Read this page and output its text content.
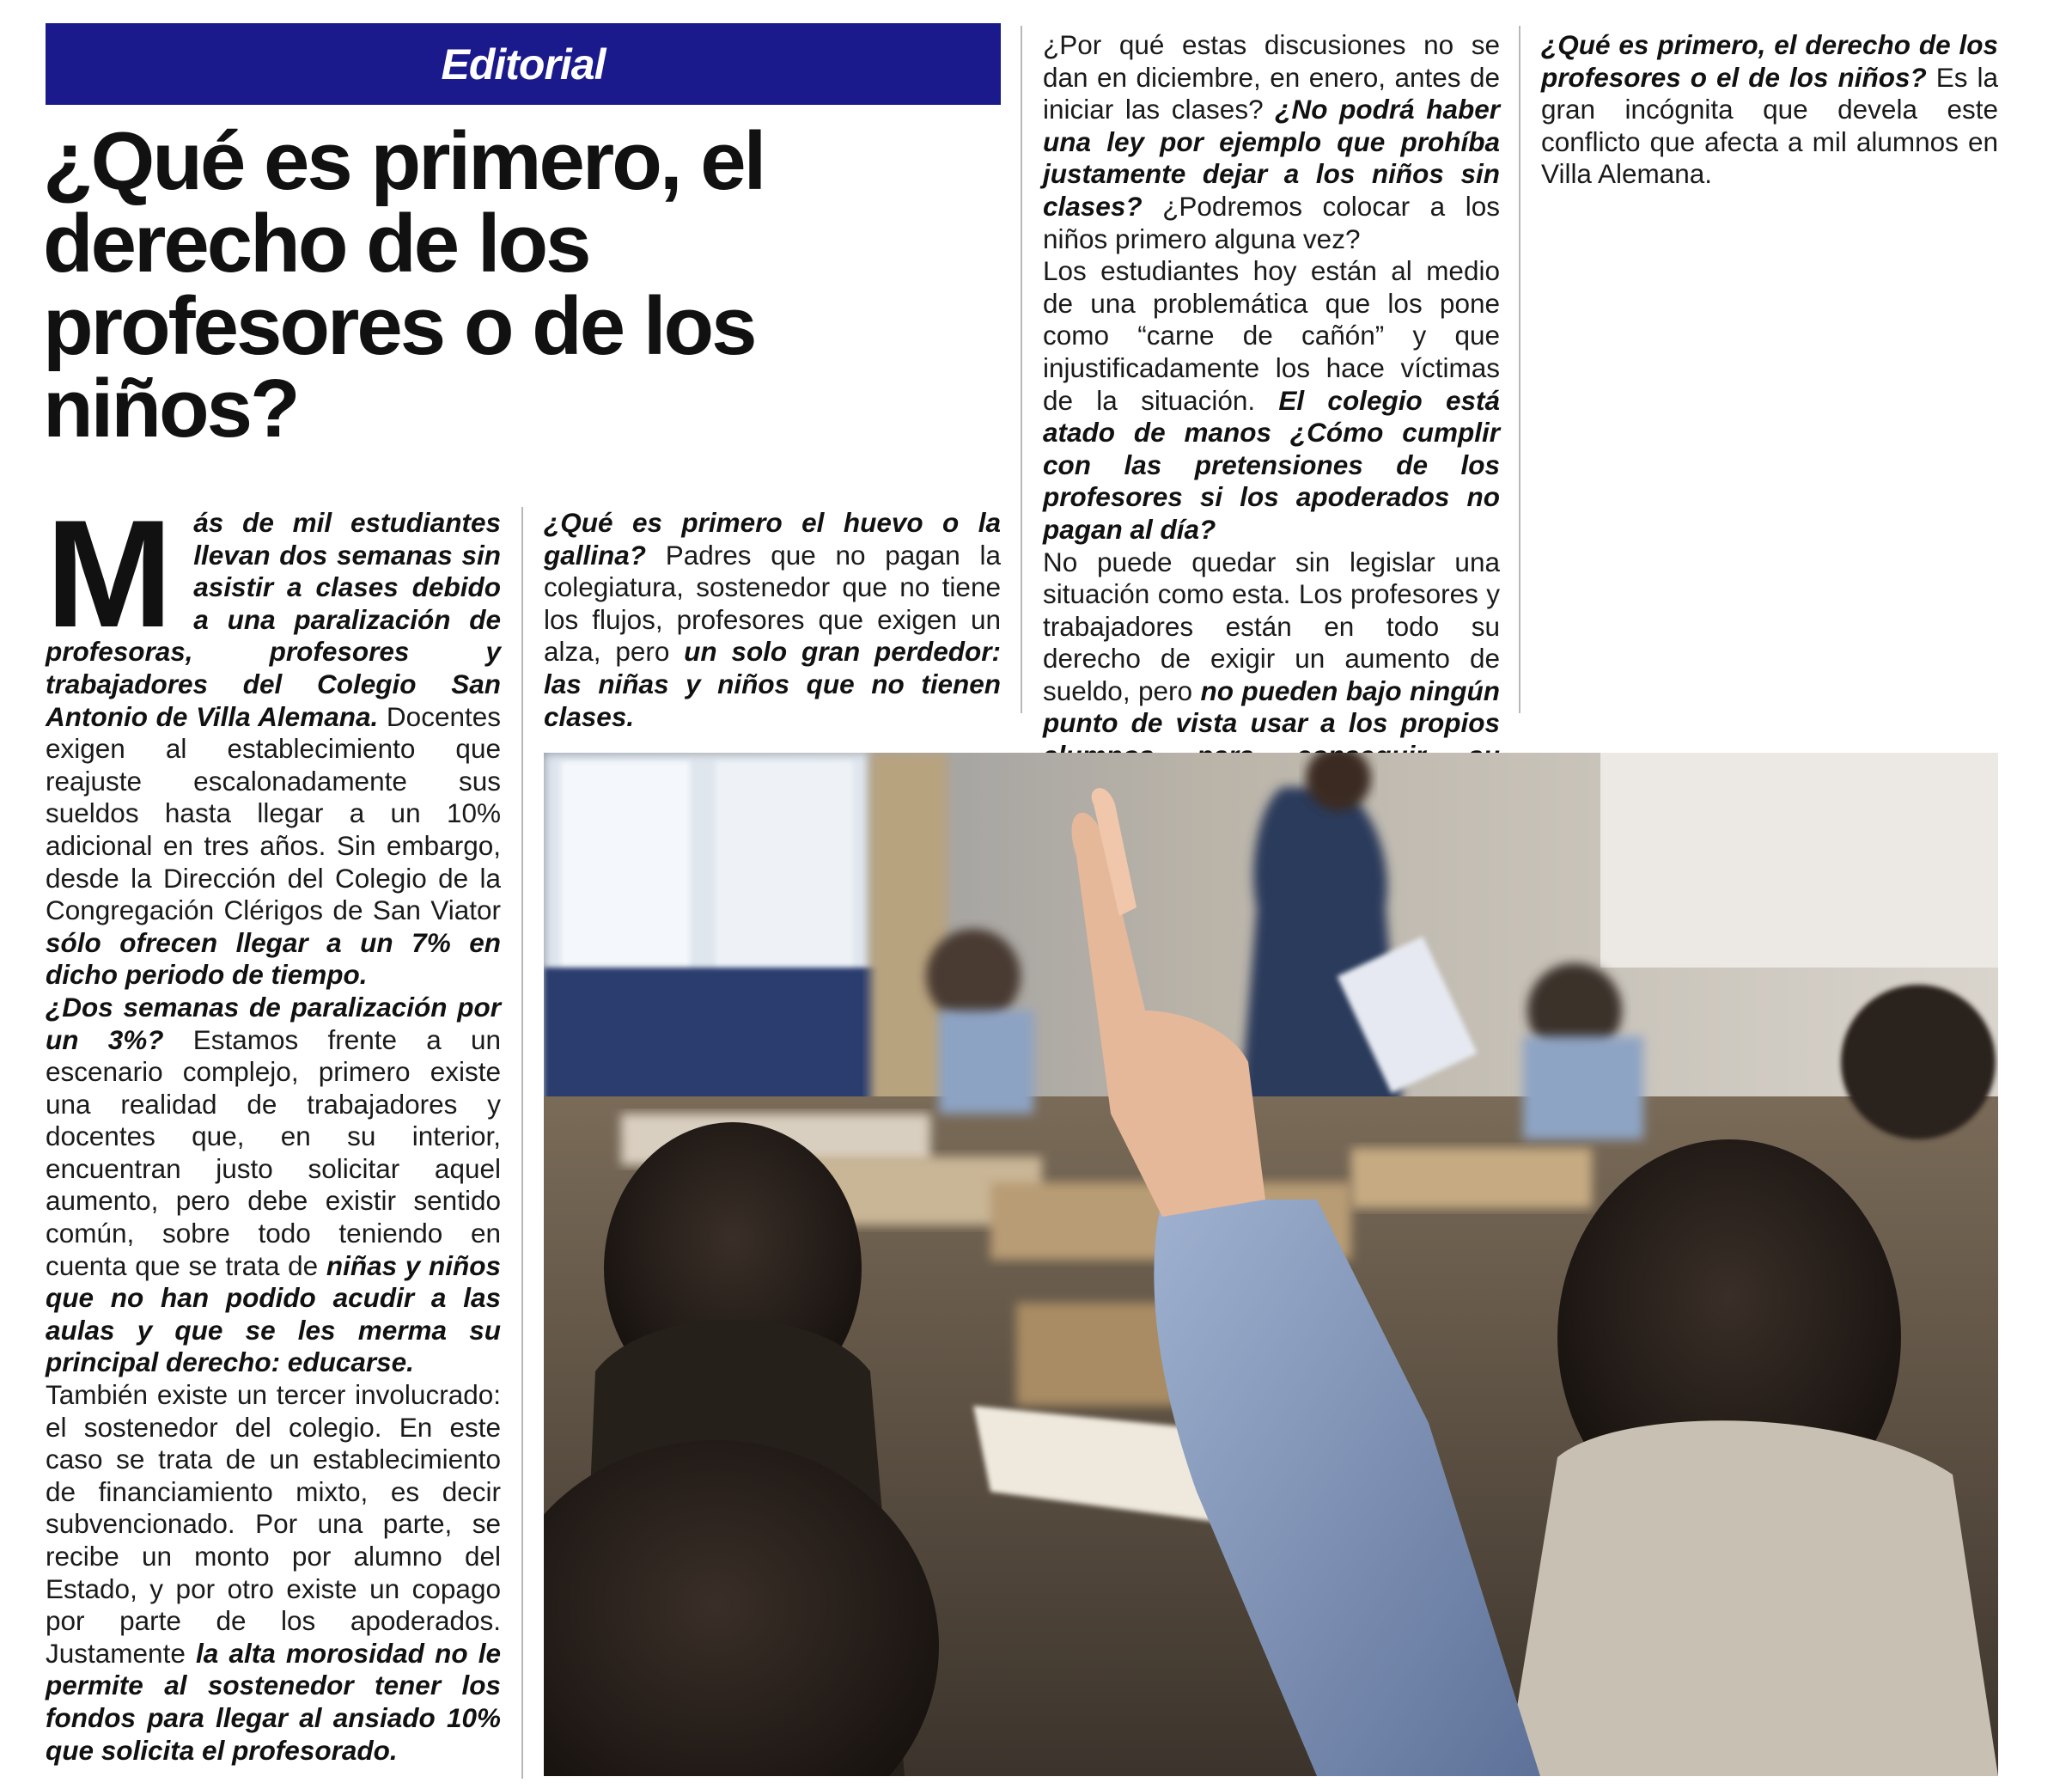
Editorial
¿Qué es primero, el derecho de los profesores o de los niños?

M ás de mil estudiantes llevan dos semanas sin asistir a clases debido a una paralización de profesoras, profesores y trabajadores del Colegio San Antonio de Villa Alemana. Docentes exigen al establecimiento que reajuste escalonadamente sus sueldos hasta llegar a un 10% adicional en tres años. Sin embargo, desde la Dirección del Colegio de la Congregación Clérigos de San Viator sólo ofrecen llegar a un 7% en dicho periodo de tiempo.

¿Dos semanas de paralización por un 3%? Estamos frente a un escenario complejo, primero existe una realidad de trabajadores y docentes que, en su interior, encuentran justo solicitar aquel aumento, pero debe existir sentido común, sobre todo teniendo en cuenta que se trata de niñas y niños que no han podido acudir a las aulas y que se les merma su principal derecho: educarse.

También existe un tercer involucrado: el sostenedor del colegio. En este caso se trata de un establecimiento de financiamiento mixto, es decir subvencionado. Por una parte, se recibe un monto por alumno del Estado, y por otro existe un copago por parte de los apoderados. Justamente la alta morosidad no le permite al sostenedor tener los fondos para llegar al ansiado 10% que solicita el profesorado.

¿Qué es primero el huevo o la gallina? Padres que no pagan la colegiatura, sostenedor que no tiene los flujos, profesores que exigen un alza, pero un solo gran perdedor: las niñas y niños que no tienen clases.

¿Por qué estas discusiones no se dan en diciembre, en enero, antes de iniciar las clases? ¿No podrá haber una ley por ejemplo que prohíba justamente dejar a los niños sin clases? ¿Podremos colocar a los niños primero alguna vez?

Los estudiantes hoy están al medio de una problemática que los pone como “carne de cañón” y que injustificadamente los hace víctimas de la situación. El colegio está atado de manos ¿Cómo cumplir con las pretensiones de los profesores si los apoderados no pagan al día?

No puede quedar sin legislar una situación como esta. Los profesores y trabajadores están en todo su derecho de exigir un aumento de sueldo, pero no pueden bajo ningún punto de vista usar a los propios

¿Qué es primero, el derecho de los profesores o el de los niños? Es la gran incógnita que devela este conflicto que afecta a mil alumnos en Villa Alemana.
